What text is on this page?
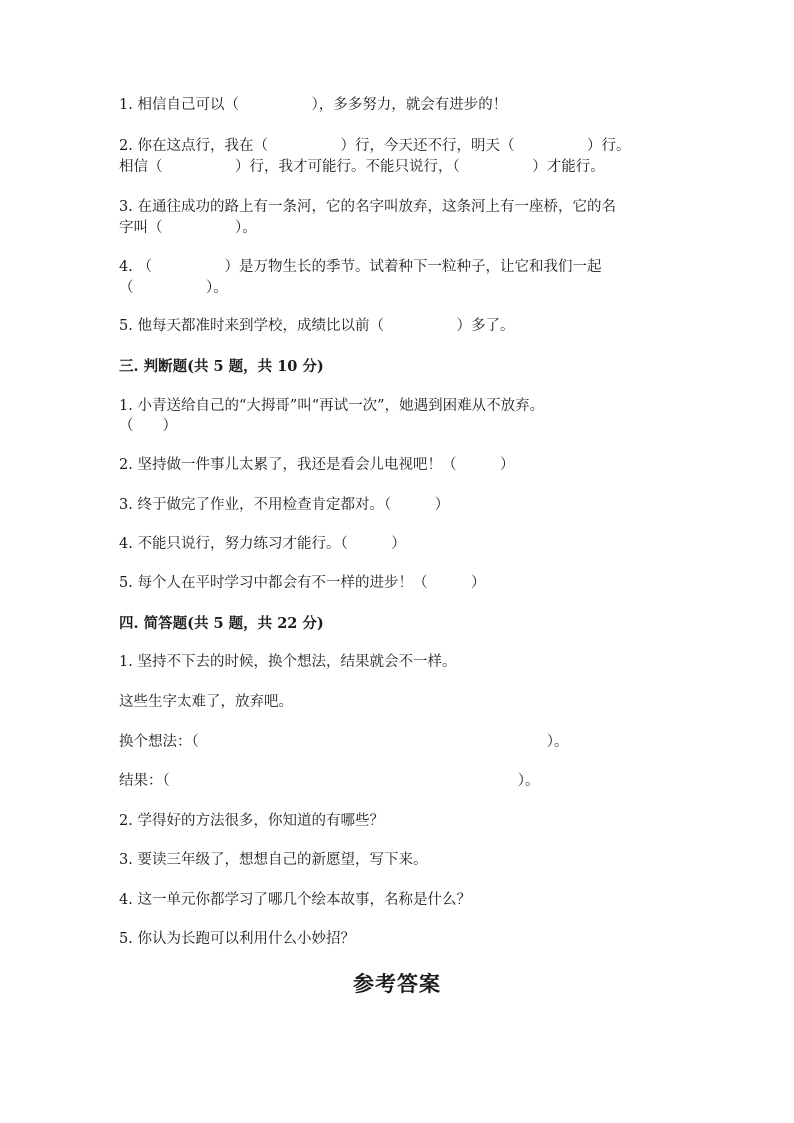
1. 相信自己可以（　　　　　），多多努力，就会有进步的！
2. 你在这点行，我在（　　　　　）行，今天还不行，明天（　　　　　）行。
相信（　　　　　）行，我才可能行。不能只说行，（　　　　　）才能行。
3. 在通往成功的路上有一条河，它的名字叫放弃，这条河上有一座桥，它的名
字叫（　　　　　）。
4. （　　　　　）是万物生长的季节。试着种下一粒种子，让它和我们一起
（　　　　　）。
5. 他每天都准时来到学校，成绩比以前（　　　　　）多了。
三. 判断题(共 5 题，共 10 分)
1. 小青送给自己的“大拇哥”叫“再试一次”，她遇到困难从不放弃。
（　　）
2. 坚持做一件事儿太累了，我还是看会儿电视吧！（　　　）
3. 终于做完了作业，不用检查肯定都对。（　　　）
4. 不能只说行，努力练习才能行。（　　　）
5. 每个人在平时学习中都会有不一样的进步！（　　　）
四. 简答题(共 5 题，共 22 分)
1. 坚持不下去的时候，换个想法，结果就会不一样。
这些生字太难了，放弃吧。
换个想法：（　　　　　　　　　　　　　　　　　　　　　　　　）。
结果：（　　　　　　　　　　　　　　　　　　　　　　　　）。
2. 学得好的方法很多，你知道的有哪些？
3. 要读三年级了，想想自己的新愿望，写下来。
4. 这一单元你都学习了哪几个绘本故事，名称是什么？
5. 你认为长跑可以利用什么小妙招？
参考答案
